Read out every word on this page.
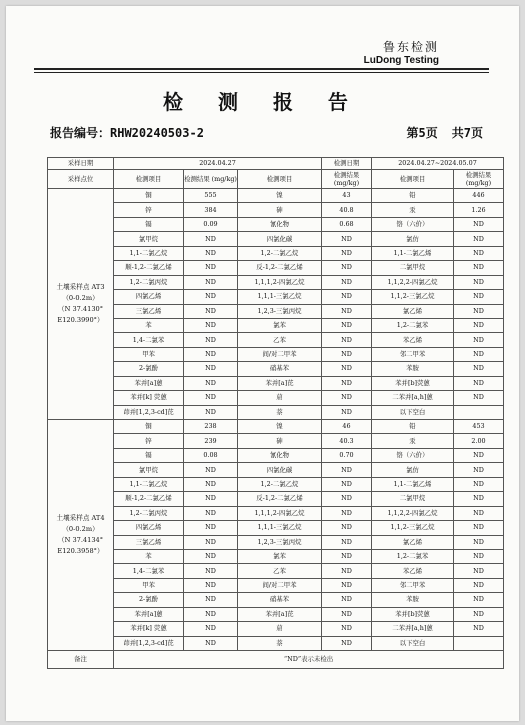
鲁东检测
LuDong Testing
检 测 报 告
报告编号：RHW20240503-2	第5页 共7页
采样日期	2024.04.27			检测日期	2024.04.27~2024.05.07	
采样点位	检测项目	检测结果 (mg/kg)	检测项目	检测结果 (mg/kg)	检测项目	检测结果 (mg/kg)

土壤采样点 AT3
（0-0.2m）
（N 37.4130°
E120.3990°）	铜	555	镍	43	铅	446
	锌	384	砷	40.8	汞	1.26
	镉	0.09	氰化物	0.68	铬（六价）	ND
	氯甲烷	ND	四氯化碳	ND	氯仿	ND
	1,1-二氯乙烷	ND	1,2-二氯乙烷	ND	1,1-二氯乙烯	ND
	顺-1,2-二氯乙烯	ND	反-1,2-二氯乙烯	ND	二氯甲烷	ND
	1,2-二氯丙烷	ND	1,1,1,2-四氯乙烷	ND	1,1,2,2-四氯乙烷	ND
	四氯乙烯	ND	1,1,1-三氯乙烷	ND	1,1,2-三氯乙烷	ND
	三氯乙烯	ND	1,2,3-三氯丙烷	ND	氯乙烯	ND
	苯	ND	氯苯	ND	1,2-二氯苯	ND
	1,4-二氯苯	ND	乙苯	ND	苯乙烯	ND
	甲苯	ND	间/对二甲苯	ND	邻二甲苯	ND
	2-氯酚	ND	硝基苯	ND	苯胺	ND
	苯并[a]蒽	ND	苯并[a]芘	ND	苯并[b]荧蒽	ND
	苯并[k] 荧蒽	ND	䓛	ND	二苯并[a,h]蒽	ND
	茚并[1,2,3-cd]芘	ND	萘	ND	以下空白	

土壤采样点 AT4
（0-0.2m）
（N 37.4134°
E120.3958°）	铜	238	镍	46	铅	453
	锌	239	砷	40.3	汞	2.00
	镉	0.08	氰化物	0.70	铬（六价）	ND
	氯甲烷	ND	四氯化碳	ND	氯仿	ND
	1,1-二氯乙烷	ND	1,2-二氯乙烷	ND	1,1-二氯乙烯	ND
	顺-1,2-二氯乙烯	ND	反-1,2-二氯乙烯	ND	二氯甲烷	ND
	1,2-二氯丙烷	ND	1,1,1,2-四氯乙烷	ND	1,1,2,2-四氯乙烷	ND
	四氯乙烯	ND	1,1,1-三氯乙烷	ND	1,1,2-三氯乙烷	ND
	三氯乙烯	ND	1,2,3-三氯丙烷	ND	氯乙烯	ND
	苯	ND	氯苯	ND	1,2-二氯苯	ND
	1,4-二氯苯	ND	乙苯	ND	苯乙烯	ND
	甲苯	ND	间/对二甲苯	ND	邻二甲苯	ND
	2-氯酚	ND	硝基苯	ND	苯胺	ND
	苯并[a]蒽	ND	苯并[a]芘	ND	苯并[b]荧蒽	ND
	苯并[k] 荧蒽	ND	䓛	ND	二苯并[a,h]蒽	ND
	茚并[1,2,3-cd]芘	ND	萘	ND	以下空白	
备注	“ND”表示未检出					
